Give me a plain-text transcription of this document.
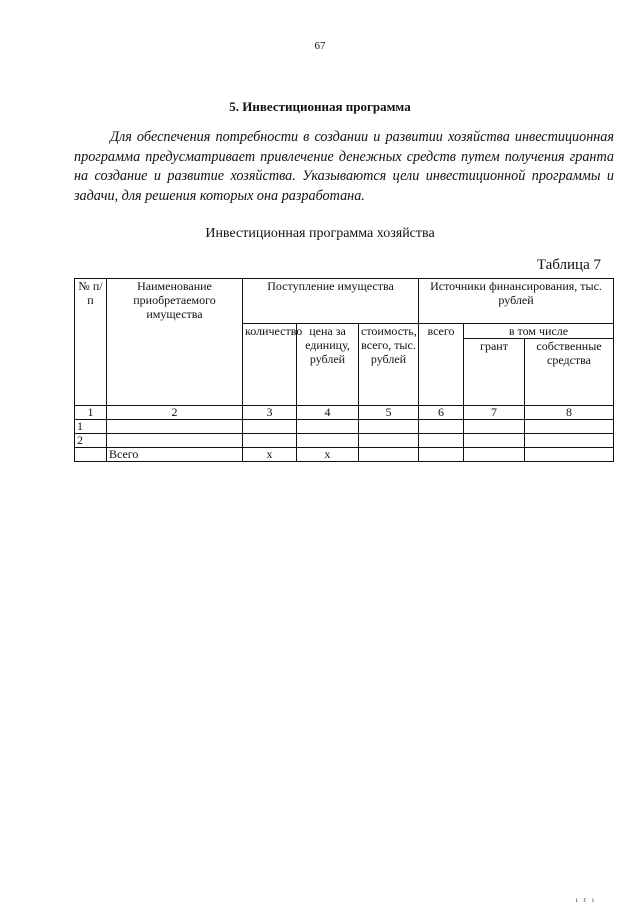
67
5. Инвестиционная программа
Для обеспечения потребности в создании и развитии хозяйства инвестиционная программа предусматривает привлечение денежных средств путем получения гранта на создание и развитие хозяйства. Указываются цели инвестиционной программы и задачи, для решения которых она разработана.
Инвестиционная программа хозяйства
Таблица 7
№ п/п	Наименование приобретаемого имущества	Поступление имущества			Источники финансирования, тыс. рублей		
		количество	цена за единицу, рублей	стоимость, всего, тыс. рублей	всего	в том числе	
						грант	собственные средства
1	2	3	4	5	6	7	8
1							
2							
	Всего	х	х				
ı г ı
